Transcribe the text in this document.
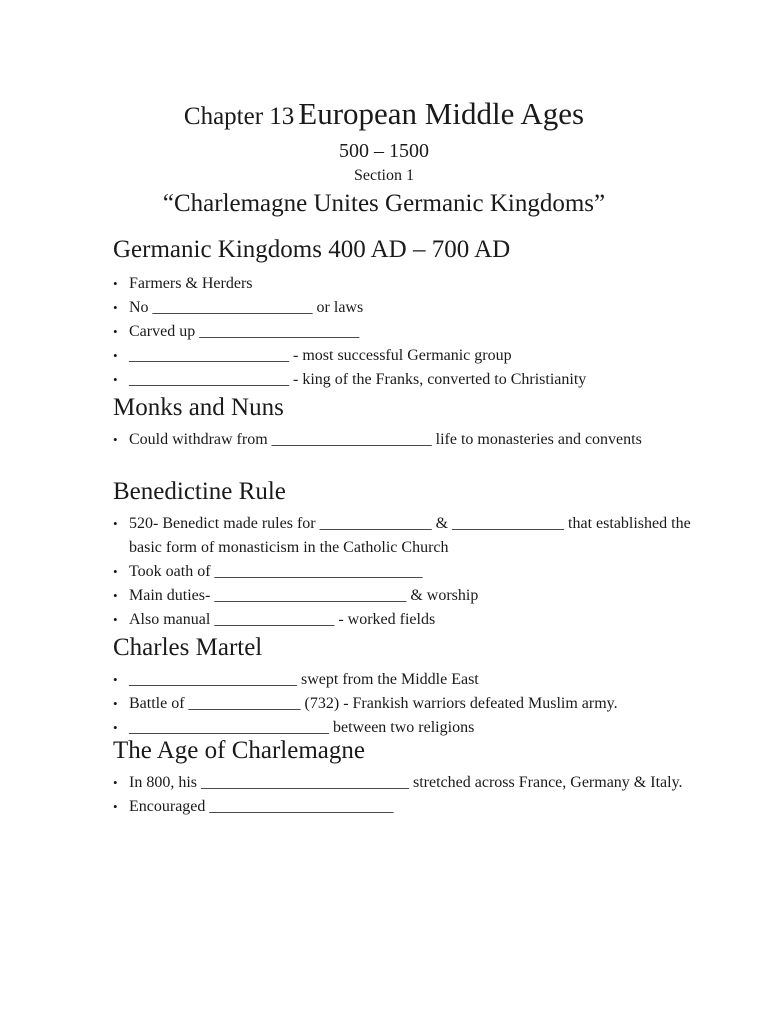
Chapter 13 European Middle Ages
500 – 1500
Section 1
“Charlemagne Unites Germanic Kingdoms”
Germanic Kingdoms 400 AD – 700 AD
• Farmers & Herders
• No ____________________ or laws
• Carved up ____________________
• ____________________ - most successful Germanic group
• ____________________ - king of the Franks, converted to Christianity
Monks and Nuns
• Could withdraw from ____________________ life to monasteries and convents
Benedictine Rule
• 520- Benedict made rules for ______________ & ______________ that established the basic form of monasticism in the Catholic Church
• Took oath of __________________________
• Main duties- ________________________ & worship
• Also manual _______________ - worked fields
Charles Martel
• _____________________ swept from the Middle East
• Battle of ______________ (732) - Frankish warriors defeated Muslim army.
• _________________________ between two religions
The Age of Charlemagne
• In 800, his __________________________ stretched across France, Germany & Italy.
• Encouraged _______________________
